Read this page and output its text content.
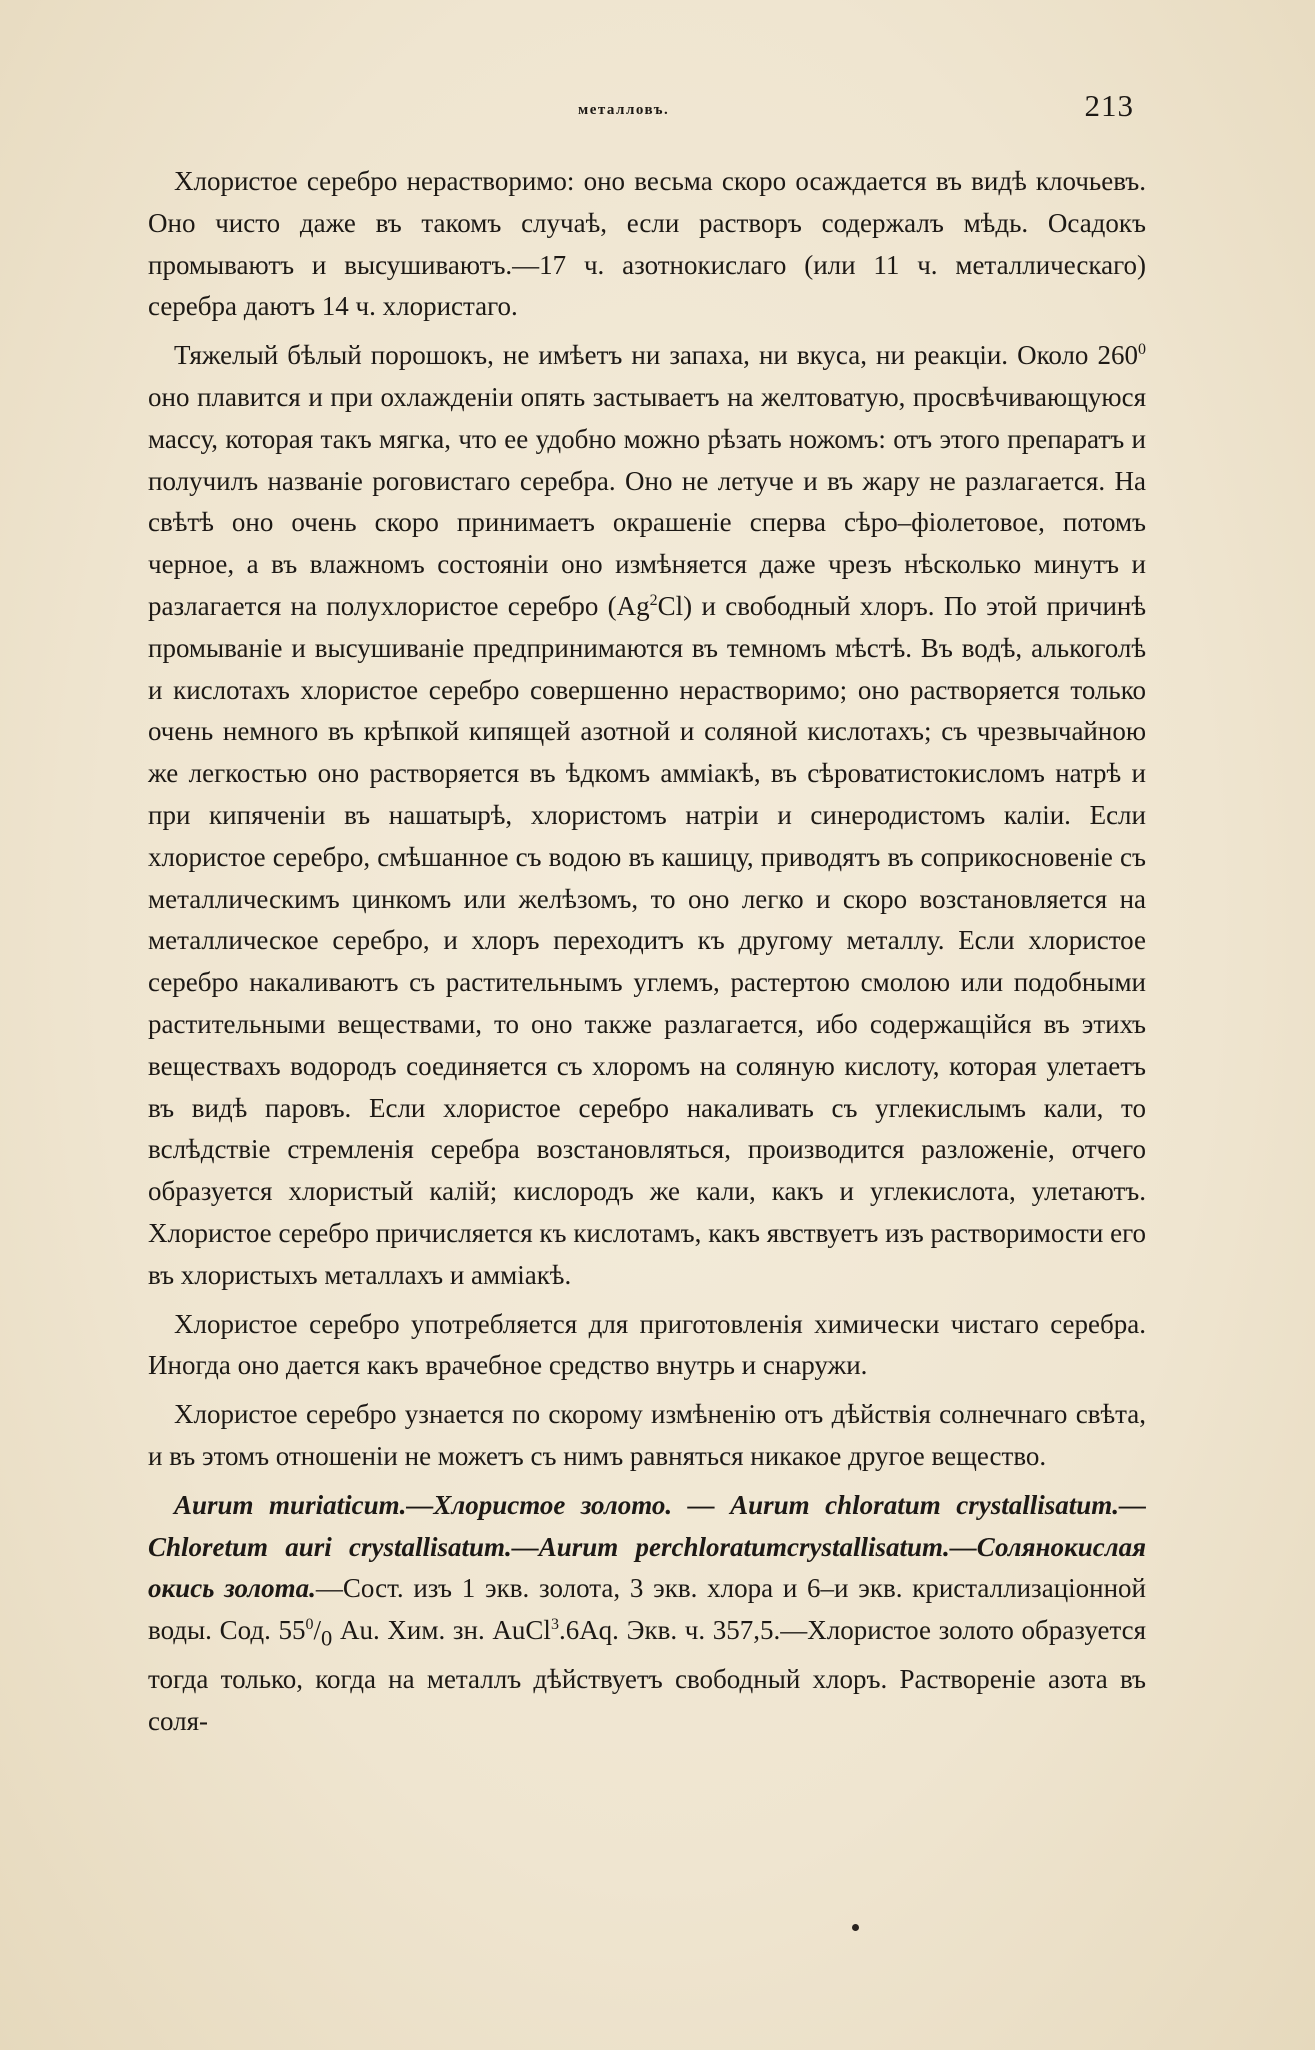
металловъ.	213

Хлористое серебро нерастворимо: оно весьма скоро осаждается въ видѣ клочьевъ. Оно чисто даже въ такомъ случаѣ, если растворъ содержалъ мѣдь. Осадокъ промываютъ и высушиваютъ.—17 ч. азотнокислаго (или 11 ч. металлическаго) серебра даютъ 14 ч. хлористаго.

Тяжелый бѣлый порошокъ, не имѣетъ ни запаха, ни вкуса, ни реакцiи. Около $260^0$ оно плавится и при охлажденiи опять застываетъ на желтоватую, просвѣчивающуюся массу, которая такъ мягка, что ее удобно можно рѣзать ножомъ: отъ этого препаратъ и получилъ названiе роговистаго серебра. Оно не летуче и въ жару не разлагается. На свѣтѣ оно очень скоро принимаетъ окрашенiе сперва сѣро–фiолетовое, потомъ черное, а въ влажномъ состоянiи оно измѣняется даже чрезъ нѣсколько минутъ и разлагается на полухлористое серебро (Ag$^2$Cl) и свободный хлоръ. По этой причинѣ промыванiе и высушиванiе предпринимаются въ темномъ мѣстѣ. Въ водѣ, алькоголѣ и кислотахъ хлористое серебро совершенно нерастворимо; оно растворяется только очень немного въ крѣпкой кипящей азотной и соляной кислотахъ; съ чрезвычайною же легкостью оно растворяется въ ѣдкомъ амміакѣ, въ сѣроватистокисломъ натрѣ и при кипяченiи въ нашатырѣ, хлористомъ натрiи и синеродистомъ калiи. Если хлористое серебро, смѣшанное съ водою въ кашицу, приводятъ въ соприкосновенiе съ металлическимъ цинкомъ или желѣзомъ, то оно легко и скоро возстановляется на металлическое серебро, и хлоръ переходитъ къ другому металлу. Если хлористое серебро накаливаютъ съ растительнымъ углемъ, растертою смолою или подобными растительными веществами, то оно также разлагается, ибо содержащiйся въ этихъ веществахъ водородъ соединяется съ хлоромъ на соляную кислоту, которая улетаетъ въ видѣ паровъ. Если хлористое серебро накаливать съ углекислымъ кали, то вслѣдствiе стремленiя серебра возстановляться, производится разложенiе, отчего образуется хлористый калiй; кислородъ же кали, какъ и углекислота, улетаютъ. Хлористое серебро причисляется къ кислотамъ, какъ явствуетъ изъ растворимости его въ хлористыхъ металлахъ и амміакѣ.

Хлористое серебро употребляется для приготовленiя химически чистаго серебра. Иногда оно дается какъ врачебное средство внутрь и снаружи.

Хлористое серебро узнается по скорому измѣненiю отъ дѣйствiя солнечнаго свѣта, и въ этомъ отношенiи не можетъ съ нимъ равняться никакое другое вещество.

Aurum muriaticum.—Хлористое золото. — Aurum chloratum crystallisatum.—Chloretum auri crystallisatum.—Aurum perchloratumcrystallisatum.—Солянокислая окись золота.—Сост. изъ 1 экв. золота, 3 экв. хлора и 6–и экв. кристаллизацiонной воды. Сод. $55^0/_0$ Au. Хим. зн. AuCl$^3$.6Aq. Экв. ч. 357,5.—Хлористое золото образуется тогда только, когда на металлъ дѣйствуетъ свободный хлоръ. Растворенiе азота въ соля-
